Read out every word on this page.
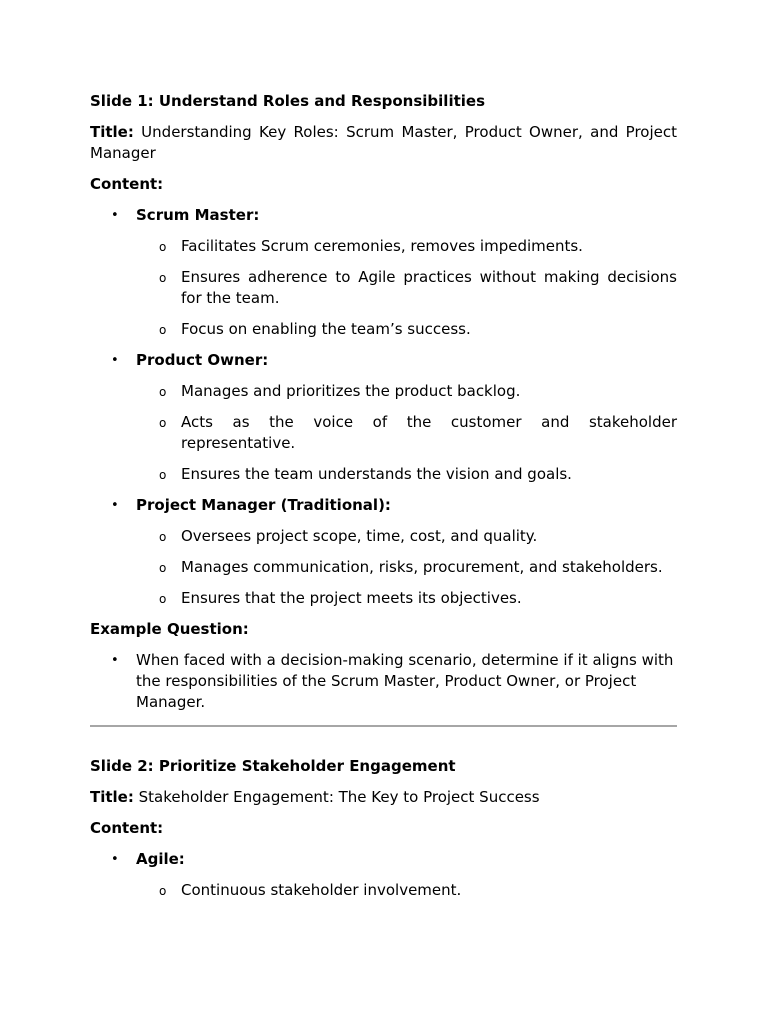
Slide 1: Understand Roles and Responsibilities

Title: Understanding Key Roles: Scrum Master, Product Owner, and Project Manager

Content:

• Scrum Master:
o Facilitates Scrum ceremonies, removes impediments.
o Ensures adherence to Agile practices without making decisions for the team.
o Focus on enabling the team’s success.
• Product Owner:
o Manages and prioritizes the product backlog.
o Acts as the voice of the customer and stakeholder representative.
o Ensures the team understands the vision and goals.
• Project Manager (Traditional):
o Oversees project scope, time, cost, and quality.
o Manages communication, risks, procurement, and stakeholders.
o Ensures that the project meets its objectives.

Example Question:

• When faced with a decision-making scenario, determine if it aligns with the responsibilities of the Scrum Master, Product Owner, or Project Manager.

Slide 2: Prioritize Stakeholder Engagement

Title: Stakeholder Engagement: The Key to Project Success

Content:

• Agile:
o Continuous stakeholder involvement.
